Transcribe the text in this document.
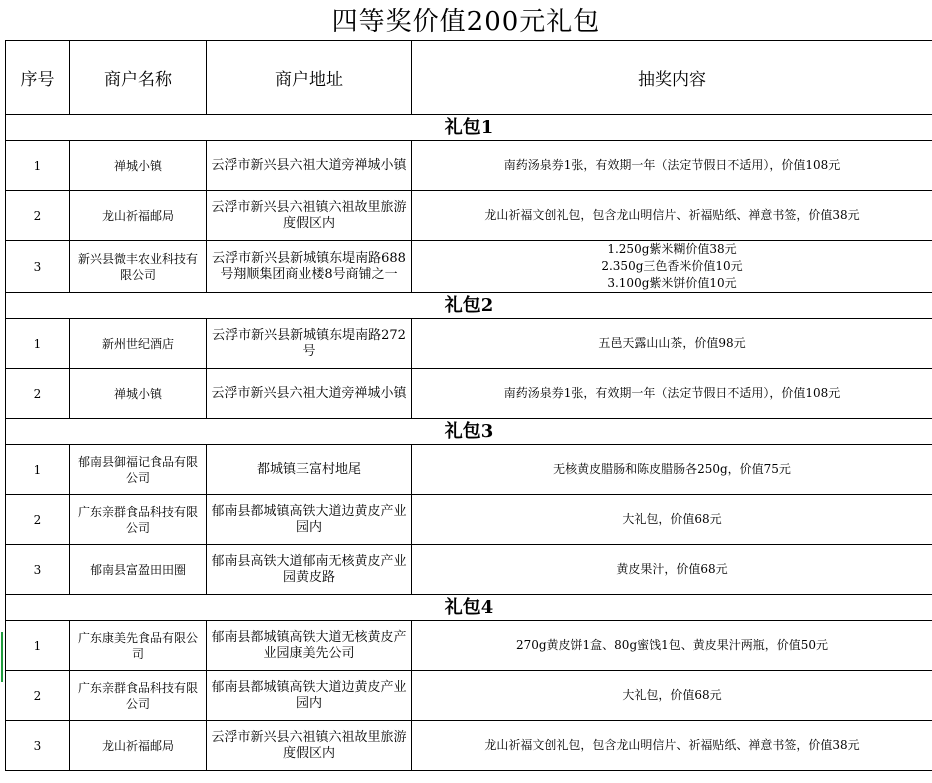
四等奖价值200元礼包
序号	商户名称	商户地址	抽奖内容
礼包1			
1	禅城小镇	云浮市新兴县六祖大道旁禅城小镇	南药汤泉券1张，有效期一年（法定节假日不适用），价值108元

2	龙山祈福邮局	云浮市新兴县六祖镇六祖故里旅游度假区内	龙山祈福文创礼包，包含龙山明信片、祈福贴纸、禅意书签，价值38元

3	新兴县微丰农业科技有限公司	云浮市新兴县新城镇东堤南路688号翔顺集团商业楼8号商铺之一	1.250g紫米糊价值38元
2.350g三色香米价值10元
3.100g紫米饼价值10元

礼包2			
1	新州世纪酒店	云浮市新兴县新城镇东堤南路272号	五邑天露山山茶，价值98元

2	禅城小镇	云浮市新兴县六祖大道旁禅城小镇	南药汤泉券1张，有效期一年（法定节假日不适用），价值108元

礼包3			
1	郁南县御福记食品有限公司	都城镇三富村地尾	无核黄皮腊肠和陈皮腊肠各250g，价值75元

2	广东亲群食品科技有限公司	郁南县都城镇高铁大道边黄皮产业园内	大礼包，价值68元

3	郁南县富盈田田圈	郁南县高铁大道郁南无核黄皮产业园黄皮路	黄皮果汁，价值68元

礼包4			
1	广东康美先食品有限公司	郁南县都城镇高铁大道无核黄皮产业园康美先公司	270g黄皮饼1盒、80g蜜饯1包、黄皮果汁两瓶，价值50元

2	广东亲群食品科技有限公司	郁南县都城镇高铁大道边黄皮产业园内	大礼包，价值68元

3	龙山祈福邮局	云浮市新兴县六祖镇六祖故里旅游度假区内	龙山祈福文创礼包，包含龙山明信片、祈福贴纸、禅意书签，价值38元
